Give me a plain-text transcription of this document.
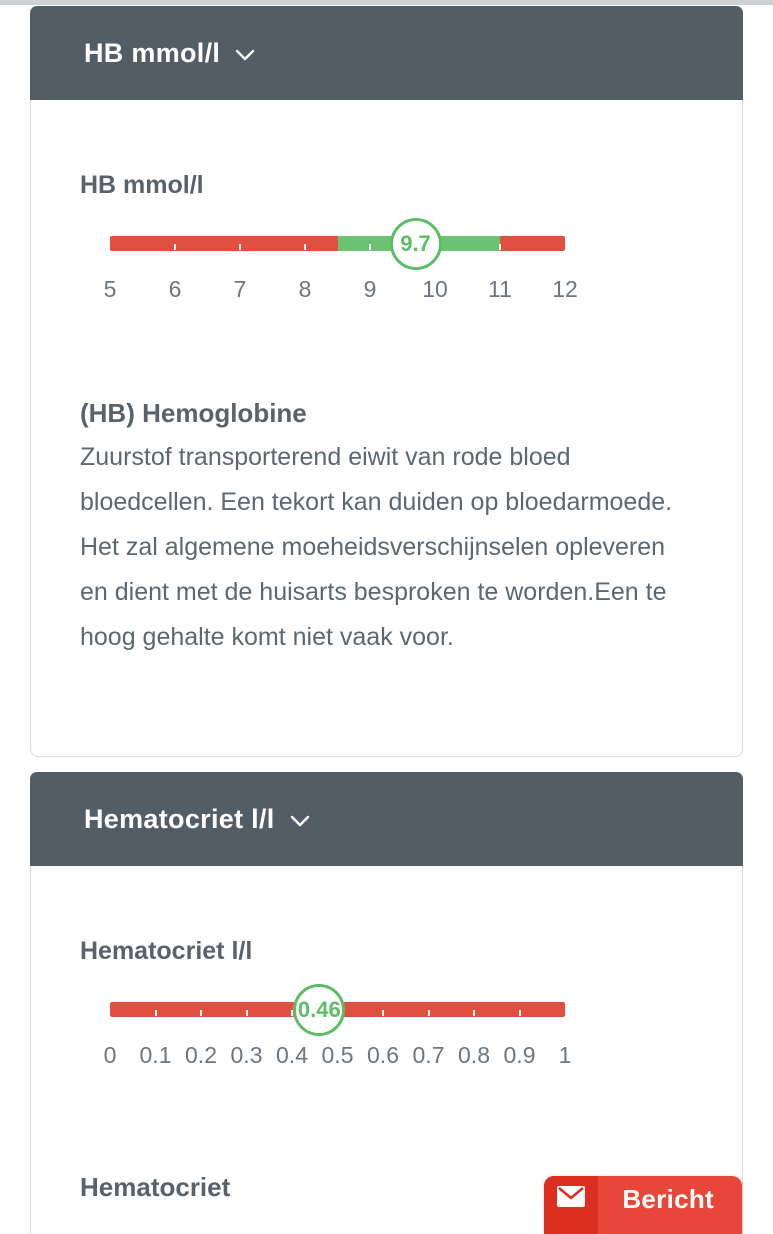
HB mmol/l
HB mmol/l
9.7
5 6 7 8 9 10 11 12
(HB) Hemoglobine
Zuurstof transporterend eiwit van rode bloed bloedcellen. Een tekort kan duiden op bloedarmoede. Het zal algemene moeheidsverschijnselen opleveren en dient met de huisarts besproken te worden.Een te hoog gehalte komt niet vaak voor.
Hematocriet l/l
Hematocriet l/l
0.46
0 0.1 0.2 0.3 0.4 0.5 0.6 0.7 0.8 0.9 1
Hematocriet	Bericht
